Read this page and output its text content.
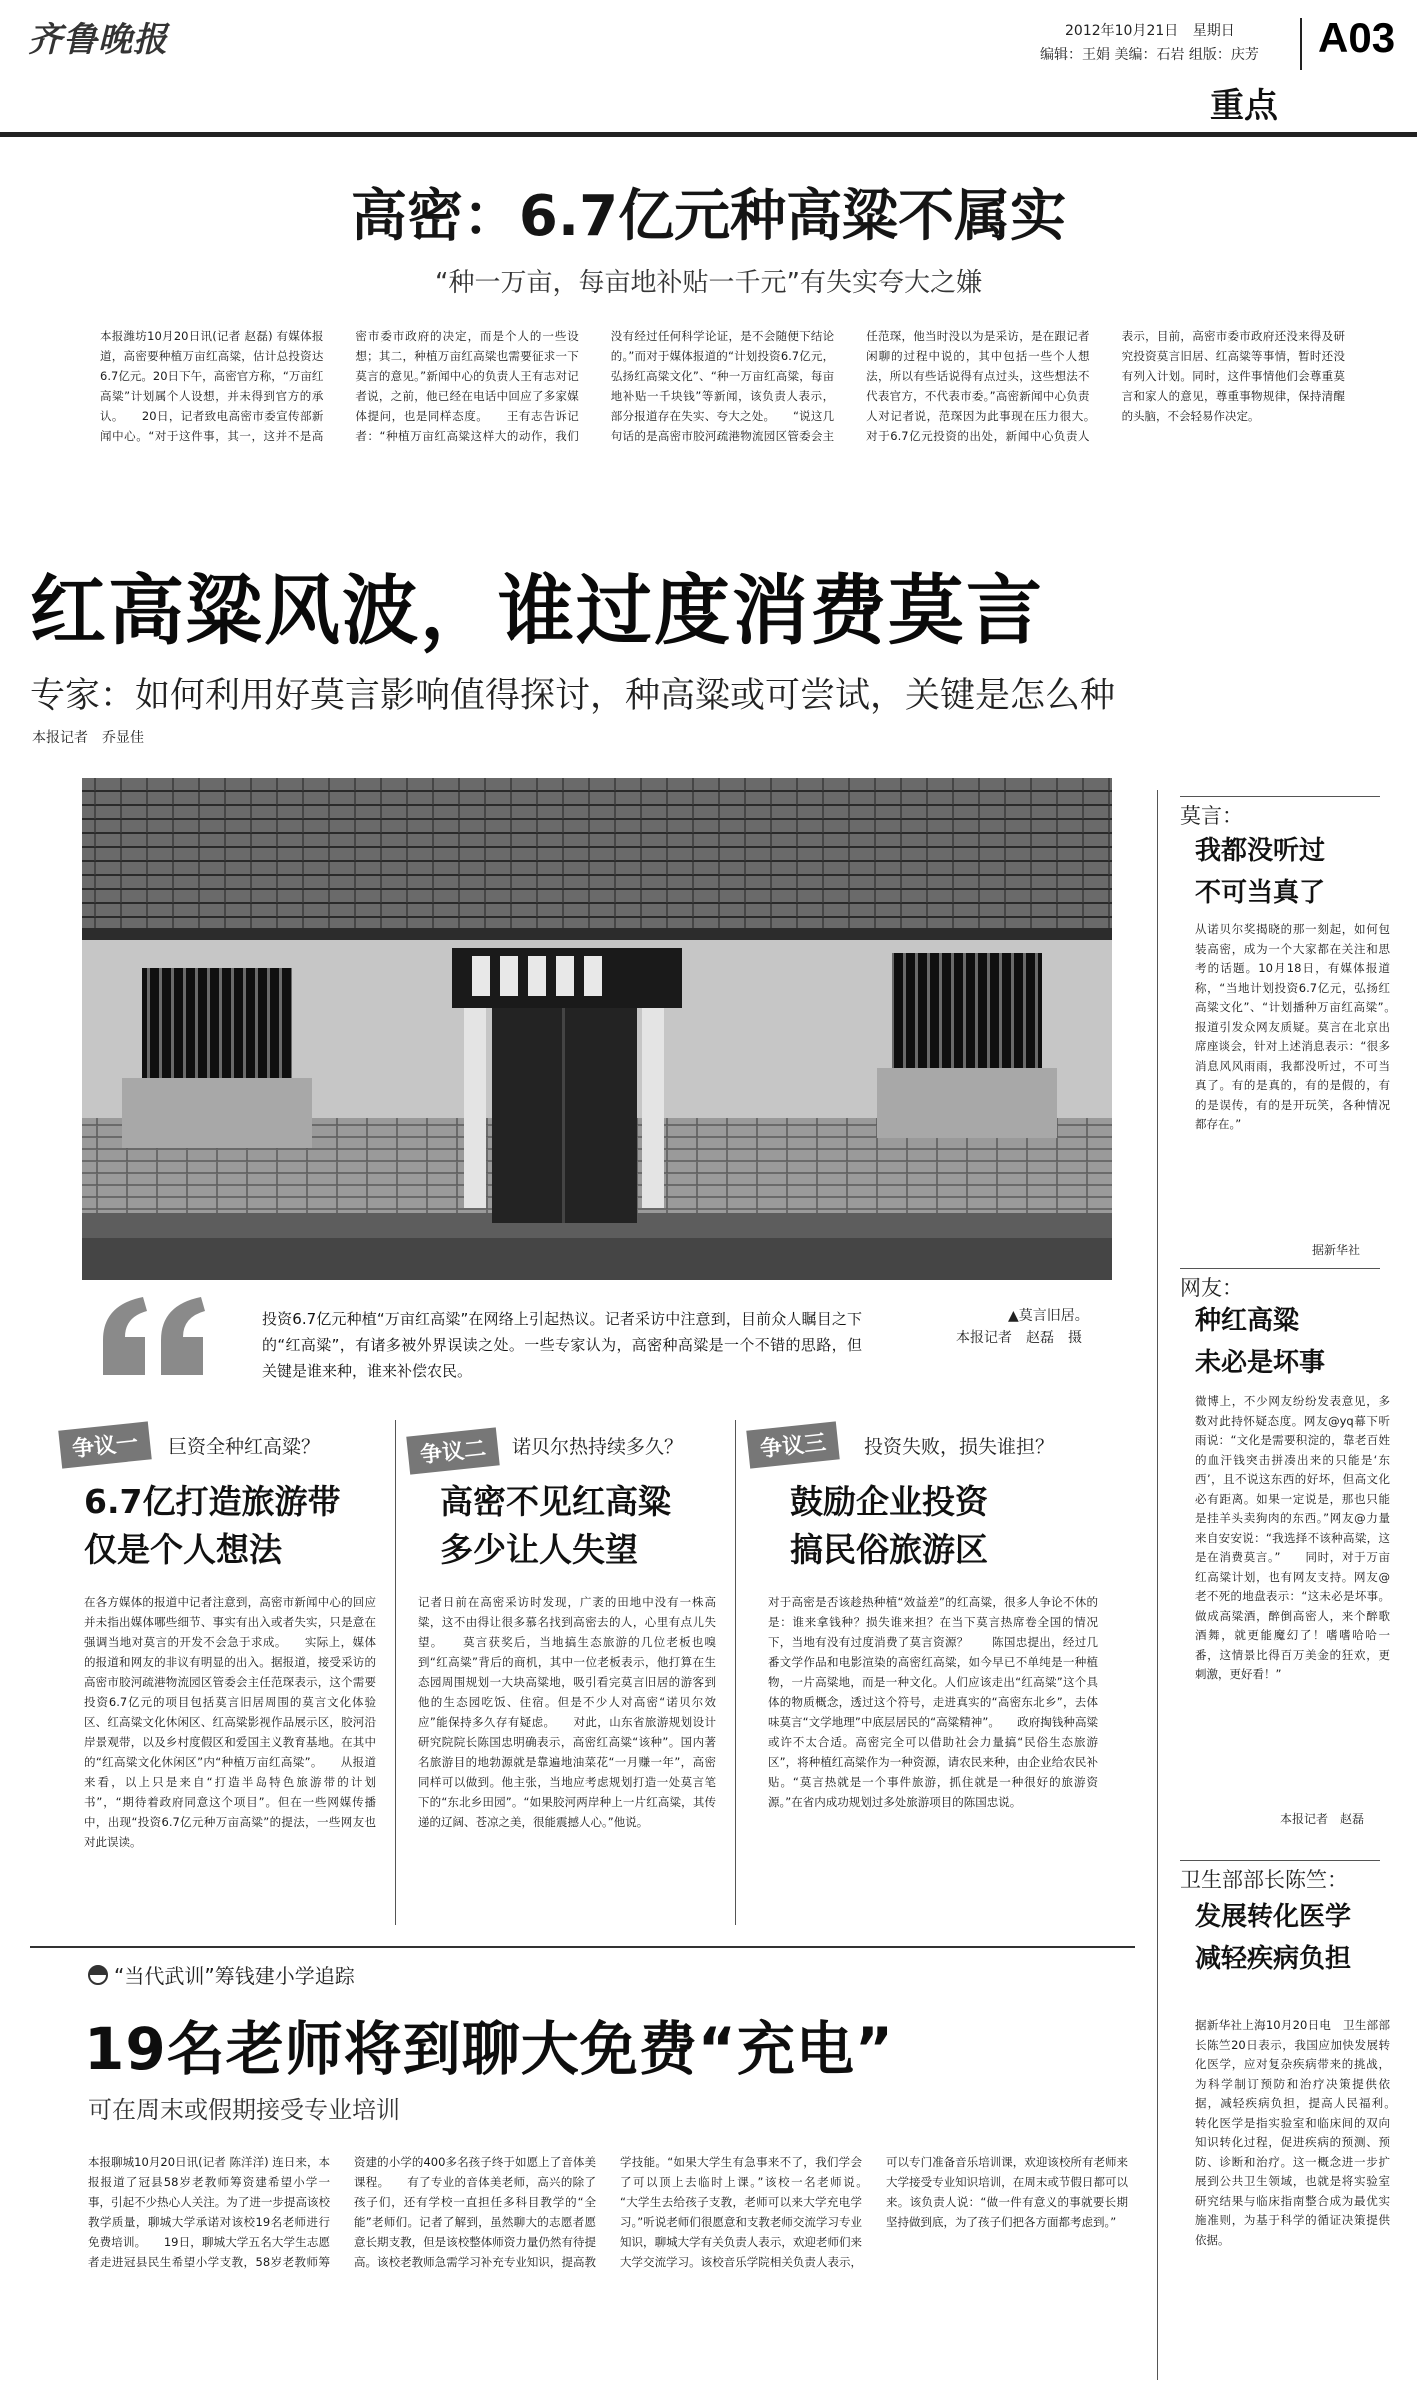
齐鲁晚报	2012年10月21日 星期日
编辑：王娟 美编：石岩 组版：庆芳 A03
重点
高密：6.7亿元种高粱不属实
“种一万亩，每亩地补贴一千元”有失实夸大之嫌
本报潍坊10月20日讯(记者 赵磊) 有媒体报道，高密要种植万亩红高粱，估计总投资达6.7亿元。20日下午，高密官方称，“万亩红高粱”计划属个人设想，并未得到官方的承认。　　20日，记者致电高密市委宣传部新闻中心。“对于这件事，其一，这并不是高密市委市政府的决定，而是个人的一些设想；其二，种植万亩红高粱也需要征求一下莫言的意见。”新闻中心的负责人王有志对记者说，之前，他已经在电话中回应了多家媒体提问，也是同样态度。　　王有志告诉记者：“种植万亩红高粱这样大的动作，我们没有经过任何科学论证，是不会随便下结论的。”而对于媒体报道的“计划投资6.7亿元，弘扬红高粱文化”、“种一万亩红高粱，每亩地补贴一千块钱”等新闻，该负责人表示，部分报道存在失实、夸大之处。　　“说这几句话的是高密市胶河疏港物流园区管委会主任范琛，他当时没以为是采访，是在跟记者闲聊的过程中说的，其中包括一些个人想法，所以有些话说得有点过头，这些想法不代表官方，不代表市委。”高密新闻中心负责人对记者说，范琛因为此事现在压力很大。　　对于6.7亿元投资的出处，新闻中心负责人表示，目前，高密市委市政府还没来得及研究投资莫言旧居、红高粱等事情，暂时还没有列入计划。同时，这件事情他们会尊重莫言和家人的意见，尊重事物规律，保持清醒的头脑，不会轻易作决定。
红高粱风波，谁过度消费莫言
专家：如何利用好莫言影响值得探讨，种高粱或可尝试，关键是怎么种
本报记者　乔显佳
▲莫言旧居。
本报记者　赵磊　摄
投资6.7亿元种植“万亩红高粱”在网络上引起热议。记者采访中注意到，目前众人瞩目之下的“红高粱”，有诸多被外界误读之处。一些专家认为，高密种高粱是一个不错的思路，但关键是谁来种，谁来补偿农民。
争议一	巨资全种红高粱？
6.7亿打造旅游带
仅是个人想法
在各方媒体的报道中记者注意到，高密市新闻中心的回应并未指出媒体哪些细节、事实有出入或者失实，只是意在强调当地对莫言的开发不会急于求成。　　实际上，媒体的报道和网友的非议有明显的出入。据报道，接受采访的高密市胶河疏港物流园区管委会主任范琛表示，这个需要投资6.7亿元的项目包括莫言旧居周围的莫言文化体验区、红高粱文化休闲区、红高粱影视作品展示区，胶河沿岸景观带，以及乡村度假区和爱国主义教育基地。在其中的“红高粱文化休闲区”内“种植万亩红高粱”。　　从报道来看，以上只是来自“打造半岛特色旅游带的计划书”，“期待着政府同意这个项目”。但在一些网媒传播中，出现“投资6.7亿元种万亩高粱”的提法，一些网友也对此误读。
争议二	诺贝尔热持续多久？
高密不见红高粱
多少让人失望
记者日前在高密采访时发现，广袤的田地中没有一株高粱，这不由得让很多慕名找到高密去的人，心里有点儿失望。　　莫言获奖后，当地搞生态旅游的几位老板也嗅到“红高粱”背后的商机，其中一位老板表示，他打算在生态园周围规划一大块高粱地，吸引看完莫言旧居的游客到他的生态园吃饭、住宿。但是不少人对高密“诺贝尔效应”能保持多久存有疑虑。　　对此，山东省旅游规划设计研究院院长陈国忠明确表示，高密红高粱“该种”。国内著名旅游目的地勃源就是靠遍地油菜花“一月赚一年”，高密同样可以做到。他主张，当地应考虑规划打造一处莫言笔下的“东北乡田园”。“如果胶河两岸种上一片红高粱，其传递的辽阔、苍凉之美，很能震撼人心。”他说。
争议三	投资失败，损失谁担？
鼓励企业投资
搞民俗旅游区
对于高密是否该趁热种植“效益差”的红高粱，很多人争论不休的是：谁来拿钱种？损失谁来担？在当下莫言热席卷全国的情况下，当地有没有过度消费了莫言资源？　　陈国忠提出，经过几番文学作品和电影渲染的高密红高粱，如今早已不单纯是一种植物，一片高粱地，而是一种文化。人们应该走出“红高粱”这个具体的物质概念，透过这个符号，走进真实的“高密东北乡”，去体味莫言“文学地理”中底层居民的“高粱精神”。　　政府掏钱种高粱或许不太合适。高密完全可以借助社会力量搞“民俗生态旅游区”，将种植红高粱作为一种资源，请农民来种，由企业给农民补贴。“莫言热就是一个事件旅游，抓住就是一种很好的旅游资源。”在省内成功规划过多处旅游项目的陈国忠说。
莫言：
我都没听过
不可当真了
从诺贝尔奖揭晓的那一刻起，如何包装高密，成为一个大家都在关注和思考的话题。10月18日，有媒体报道称，“当地计划投资6.7亿元，弘扬红高粱文化”、“计划播种万亩红高粱”。　　报道引发众网友质疑。莫言在北京出席座谈会，针对上述消息表示：“很多消息风风雨雨，我都没听过，不可当真了。有的是真的，有的是假的，有的是误传，有的是开玩笑，各种情况都存在。”
据新华社
网友：
种红高粱
未必是坏事
微博上，不少网友纷纷发表意见，多数对此持怀疑态度。网友@yq幕下听雨说：“文化是需要积淀的，靠老百姓的血汗钱突击拼凑出来的只能是‘东西’，且不说这东西的好坏，但高文化必有距离。如果一定说是，那也只能是挂羊头卖狗肉的东西。”网友@力量来自安安说：“我选择不该种高粱，这是在消费莫言。”　　同时，对于万亩红高粱计划，也有网友支持。网友@老不死的地盘表示：“这未必是坏事。做成高粱酒，醉倒高密人，来个醉歌酒舞，就更能魔幻了！嗜嗜哈哈一番，这情景比得百万美金的狂欢，更刺激，更好看！”
本报记者　赵磊
卫生部部长陈竺：
发展转化医学
减轻疾病负担
据新华社上海10月20日电　卫生部部长陈竺20日表示，我国应加快发展转化医学，应对复杂疾病带来的挑战，为科学制订预防和治疗决策提供依据，减轻疾病负担，提高人民福利。　　转化医学是指实验室和临床间的双向知识转化过程，促进疾病的预测、预防、诊断和治疗。这一概念进一步扩展到公共卫生领域，也就是将实验室研究结果与临床指南整合成为最优实施准则，为基于科学的循证决策提供依据。
“当代武训”筹钱建小学追踪
19名老师将到聊大免费“充电”
可在周末或假期接受专业培训
本报聊城10月20日讯(记者 陈洋洋) 连日来，本报报道了冠县58岁老教师筹资建希望小学一事，引起不少热心人关注。为了进一步提高该校教学质量，聊城大学承诺对该校19名老师进行免费培训。　　19日，聊城大学五名大学生志愿者走进冠县民生希望小学支教，58岁老教师筹资建的小学的400多名孩子终于如愿上了音体美课程。　　有了专业的音体美老师，高兴的除了孩子们，还有学校一直担任多科目教学的“全能”老师们。记者了解到，虽然聊大的志愿者愿意长期支教，但是该校整体师资力量仍然有待提高。该校老教师急需学习补充专业知识，提高教学技能。“如果大学生有急事来不了，我们学会了可以顶上去临时上课。”该校一名老师说。　　“大学生去给孩子支教，老师可以来大学充电学习。”听说老师们很愿意和支教老师交流学习专业知识，聊城大学有关负责人表示，欢迎老师们来大学交流学习。该校音乐学院相关负责人表示，可以专门准备音乐培训课，欢迎该校所有老师来大学接受专业知识培训，在周末或节假日都可以来。该负责人说：“做一件有意义的事就要长期坚持做到底，为了孩子们把各方面都考虑到。”
